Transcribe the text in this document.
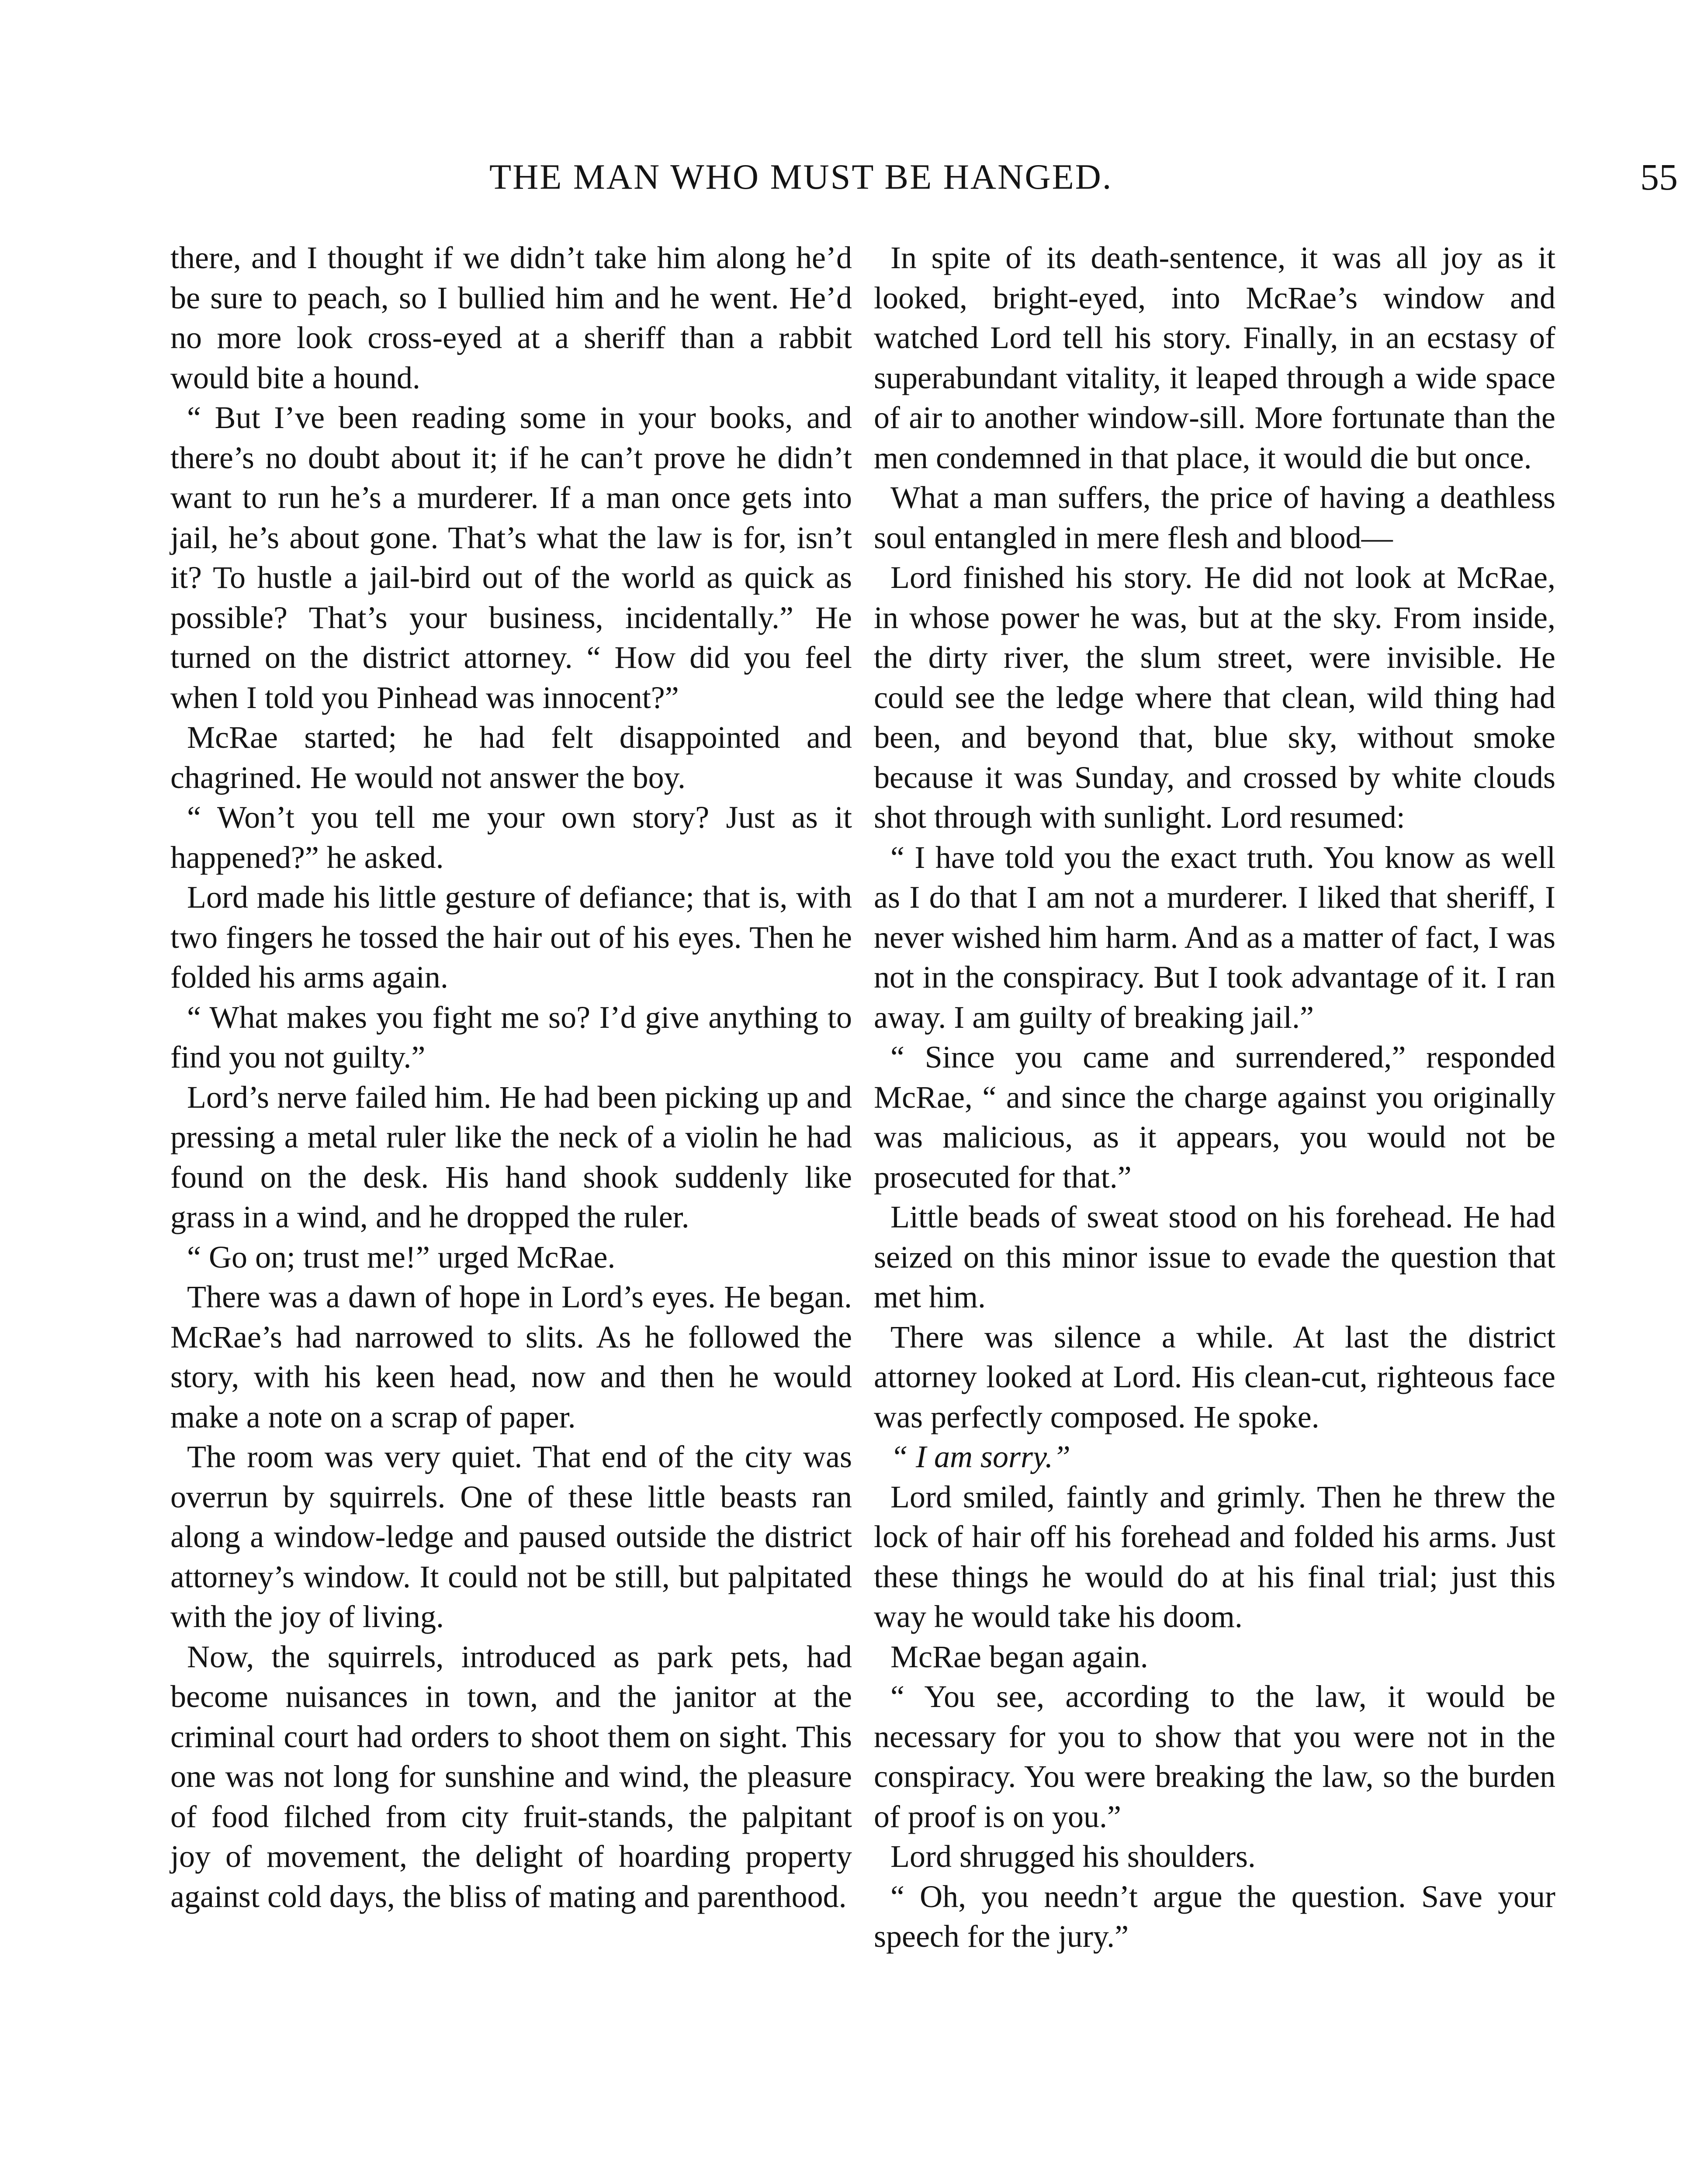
THE MAN WHO MUST BE HANGED.	55

there, and I thought if we didn’t take him along he’d be sure to peach, so I bullied him and he went. He’d no more look cross-eyed at a sheriff than a rabbit would bite a hound.

“ But I’ve been reading some in your books, and there’s no doubt about it; if he can’t prove he didn’t want to run he’s a murderer. If a man once gets into jail, he’s about gone. That’s what the law is for, isn’t it? To hustle a jail-bird out of the world as quick as possible? That’s your business, incidentally.” He turned on the district attorney. “ How did you feel when I told you Pinhead was innocent?”

McRae started; he had felt disappointed and chagrined. He would not answer the boy.

“ Won’t you tell me your own story? Just as it happened?” he asked.

Lord made his little gesture of defiance; that is, with two fingers he tossed the hair out of his eyes. Then he folded his arms again.

“ What makes you fight me so? I’d give anything to find you not guilty.”

Lord’s nerve failed him. He had been picking up and pressing a metal ruler like the neck of a violin he had found on the desk. His hand shook suddenly like grass in a wind, and he dropped the ruler.

“ Go on; trust me!” urged McRae.

There was a dawn of hope in Lord’s eyes. He began. McRae’s had narrowed to slits. As he followed the story, with his keen head, now and then he would make a note on a scrap of paper.

The room was very quiet. That end of the city was overrun by squirrels. One of these little beasts ran along a window-ledge and paused outside the district attorney’s window. It could not be still, but palpitated with the joy of living.

Now, the squirrels, introduced as park pets, had become nuisances in town, and the janitor at the criminal court had orders to shoot them on sight. This one was not long for sunshine and wind, the pleasure of food filched from city fruit-stands, the palpitant joy of movement, the delight of hoarding property against cold days, the bliss of mating and parenthood.

In spite of its death-sentence, it was all joy as it looked, bright-eyed, into McRae’s window and watched Lord tell his story. Finally, in an ecstasy of superabundant vitality, it leaped through a wide space of air to another window-sill. More fortunate than the men condemned in that place, it would die but once.

What a man suffers, the price of having a deathless soul entangled in mere flesh and blood—

Lord finished his story. He did not look at McRae, in whose power he was, but at the sky. From inside, the dirty river, the slum street, were invisible. He could see the ledge where that clean, wild thing had been, and beyond that, blue sky, without smoke because it was Sunday, and crossed by white clouds shot through with sunlight. Lord resumed:

“ I have told you the exact truth. You know as well as I do that I am not a murderer. I liked that sheriff, I never wished him harm. And as a matter of fact, I was not in the conspiracy. But I took advantage of it. I ran away. I am guilty of breaking jail.”

“ Since you came and surrendered,” responded McRae, “ and since the charge against you originally was malicious, as it appears, you would not be prosecuted for that.”

Little beads of sweat stood on his forehead. He had seized on this minor issue to evade the question that met him.

There was silence a while. At last the district attorney looked at Lord. His clean-cut, righteous face was perfectly composed. He spoke.

“ I am sorry.”

Lord smiled, faintly and grimly. Then he threw the lock of hair off his forehead and folded his arms. Just these things he would do at his final trial; just this way he would take his doom.

McRae began again.

“ You see, according to the law, it would be necessary for you to show that you were not in the conspiracy. You were breaking the law, so the burden of proof is on you.”

Lord shrugged his shoulders.

“ Oh, you needn’t argue the question. Save your speech for the jury.”
